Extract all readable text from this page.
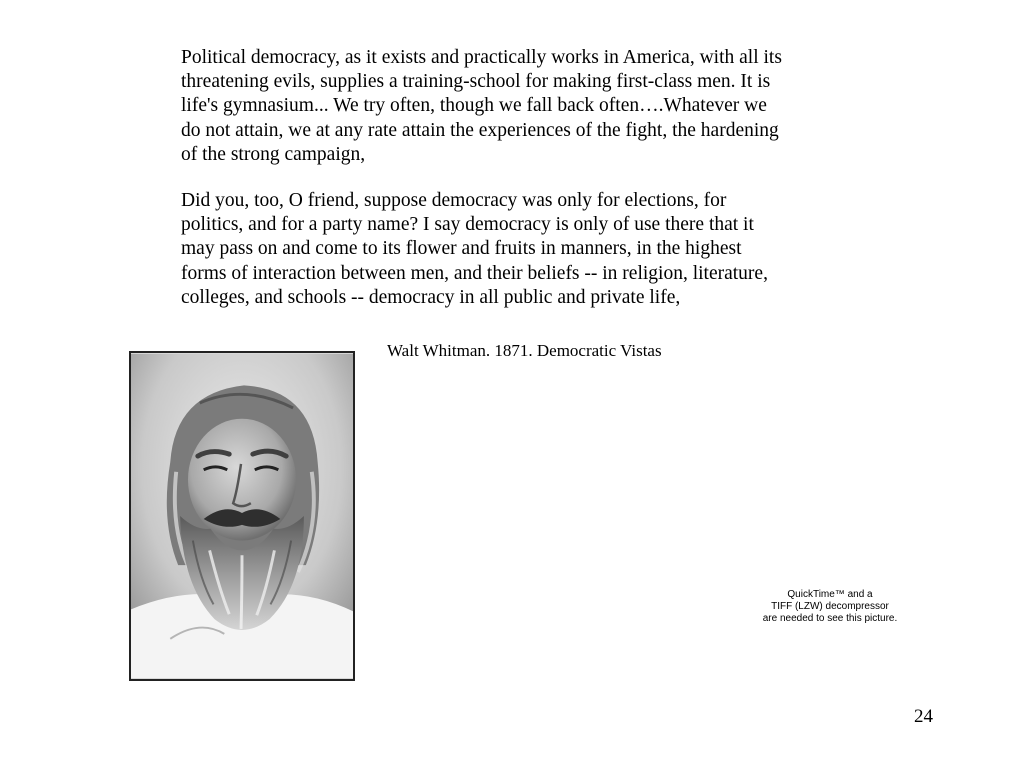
Political democracy, as it exists and practically works in America, with all its
threatening evils, supplies a training-school for making first-class men. It is
life's gymnasium... We try often, though we fall back often….Whatever we
do not attain, we at any rate attain the experiences of the fight, the hardening
of the strong campaign,

Did you, too, O friend, suppose democracy was only for elections, for
politics, and for a party name? I say democracy is only of use there that it
may pass on and come to its flower and fruits in manners, in the highest
forms of interaction between men, and their beliefs -- in religion, literature,
colleges, and schools -- democracy in all public and private life,

Walt Whitman. 1871. Democratic Vistas
QuickTime™ and a
TIFF (LZW) decompressor
are needed to see this picture.
24
